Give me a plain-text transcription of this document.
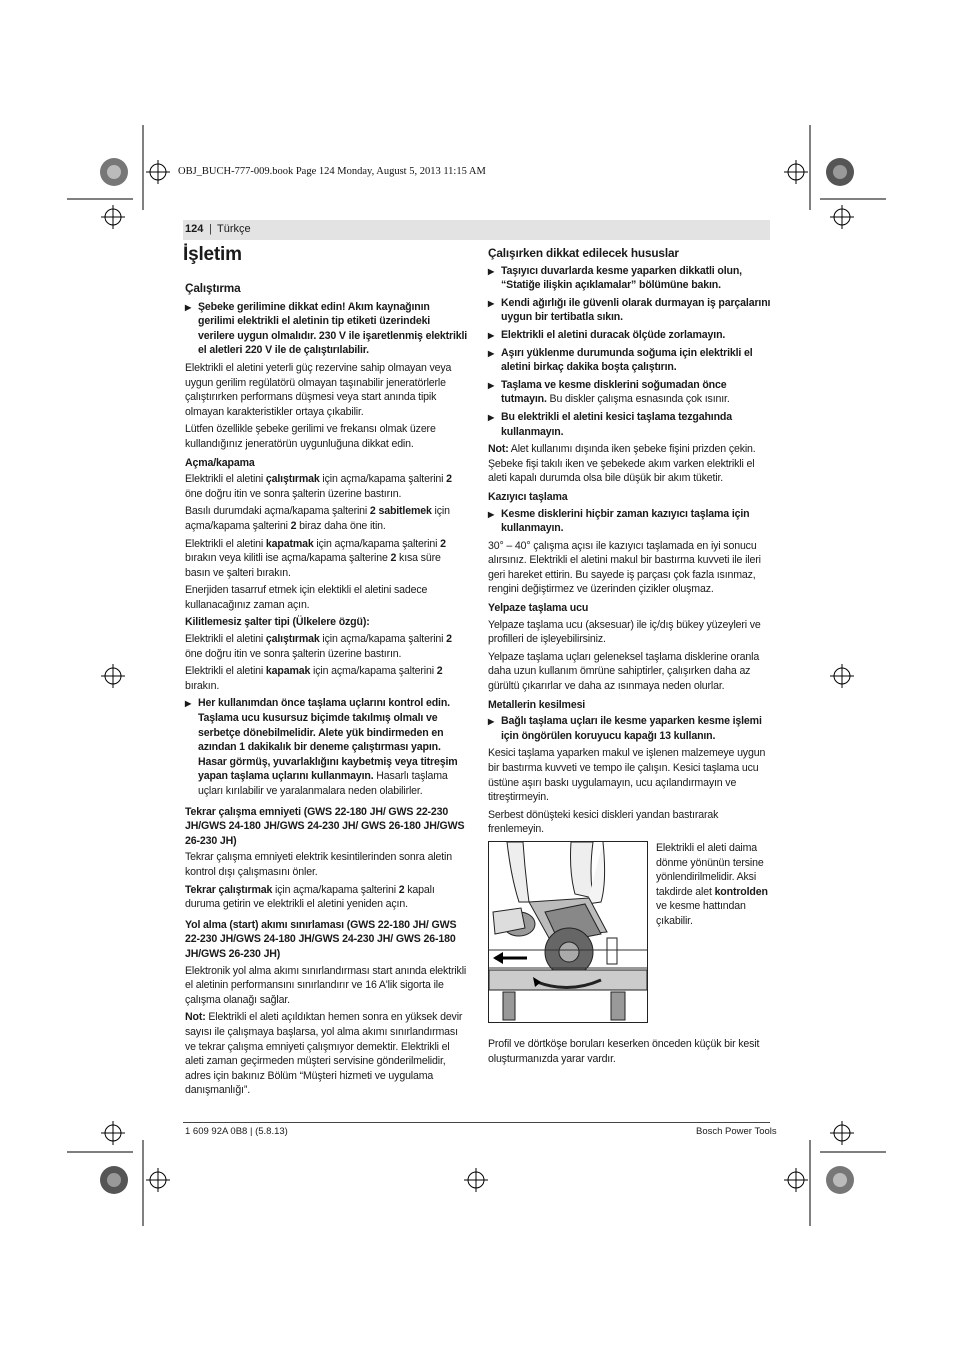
OBJ_BUCH-777-009.book Page 124 Monday, August 5, 2013 11:15 AM
124 | Türkçe
İşletim
Çalıştırma
▶ Şebeke gerilimine dikkat edin! Akım kaynağının gerilimi elektrikli el aletinin tip etiketi üzerindeki verilere uygun olmalıdır. 230 V ile işaretlenmiş elektrikli el aletleri 220 V ile de çalıştırılabilir.

Elektrikli el aletini yeterli güç rezervine sahip olmayan veya uygun gerilim regülatörü olmayan taşınabilir jeneratörlerle çalıştırırken performans düşmesi veya start anında tipik olmayan karakteristikler ortaya çıkabilir.

Lütfen özellikle şebeke gerilimi ve frekansı olmak üzere kullandığınız jeneratörün uygunluğuna dikkat edin.

Açma/kapama

Elektrikli el aletini çalıştırmak için açma/kapama şalterini 2 öne doğru itin ve sonra şalterin üzerine bastırın.

Basılı durumdaki açma/kapama şalterini 2 sabitlemek için açma/kapama şalterini 2 biraz daha öne itin.

Elektrikli el aletini kapatmak için açma/kapama şalterini 2 bırakın veya kilitli ise açma/kapama şalterine 2 kısa süre basın ve şalteri bırakın.

Enerjiden tasarruf etmek için elektikli el aletini sadece kullanacağınız zaman açın.

Kilitlemesiz şalter tipi (Ülkelere özgü):

Elektrikli el aletini çalıştırmak için açma/kapama şalterini 2 öne doğru itin ve sonra şalterin üzerine bastırın.

Elektrikli el aletini kapamak için açma/kapama şalterini 2 bırakın.

▶ Her kullanımdan önce taşlama uçlarını kontrol edin. Taşlama ucu kusursuz biçimde takılmış olmalı ve serbetçe dönebilmelidir. Alete yük bindirmeden en azından 1 dakikalık bir deneme çalıştırması yapın. Hasar görmüş, yuvarlaklığını kaybetmiş veya titreşim yapan taşlama uçlarını kullanmayın. Hasarlı taşlama uçları kırılabilir ve yaralanmalara neden olabilirler.
Tekrar çalışma emniyeti (GWS 22-180 JH/ GWS 22-230 JH/GWS 24-180 JH/GWS 24-230 JH/ GWS 26-180 JH/GWS 26-230 JH)

Tekrar çalışma emniyeti elektrik kesintilerinden sonra aletin kontrol dışı çalışmasını önler.

Tekrar çalıştırmak için açma/kapama şalterini 2 kapalı duruma getirin ve elektrikli el aletini yeniden açın.

Yol alma (start) akımı sınırlaması (GWS 22-180 JH/ GWS 22-230 JH/GWS 24-180 JH/GWS 24-230 JH/ GWS 26-180 JH/GWS 26-230 JH)

Elektronik yol alma akımı sınırlandırması start anında elektrikli el aletinin performansını sınırlandırır ve 16 A'lik sigorta ile çalışma olanağı sağlar.

Not: Elektrikli el aleti açıldıktan hemen sonra en yüksek devir sayısı ile çalışmaya başlarsa, yol alma akımı sınırlandırması ve tekrar çalışma emniyeti çalışmıyor demektir. Elektrikli el aleti zaman geçirmeden müşteri servisine gönderilmelidir, adres için bakınız Bölüm “Müşteri hizmeti ve uygulama danışmanlığı”.

Çalışırken dikkat edilecek hususlar
▶ Taşıyıcı duvarlarda kesme yaparken dikkatli olun, “Statiğe ilişkin açıklamalar” bölümüne bakın.
▶ Kendi ağırlığı ile güvenli olarak durmayan iş parçalarını uygun bir tertibatla sıkın.
▶ Elektrikli el aletini duracak ölçüde zorlamayın.
▶ Aşırı yüklenme durumunda soğuma için elektrikli el aletini birkaç dakika boşta çalıştırın.
▶ Taşlama ve kesme disklerini soğumadan önce tutmayın. Bu diskler çalışma esnasında çok ısınır.
▶ Bu elektrikli el aletini kesici taşlama tezgahında kullanmayın.

Not: Alet kullanımı dışında iken şebeke fişini prizden çekin. Şebeke fişi takılı iken ve şebekede akım varken elektrikli el aleti kapalı durumda olsa bile düşük bir akım tüketir.

Kazıyıcı taşlama
▶ Kesme disklerini hiçbir zaman kazıyıcı taşlama için kullanmayın.

30° – 40° çalışma açısı ile kazıyıcı taşlamada en iyi sonucu alırsınız. Elektrikli el aletini makul bir bastırma kuvveti ile ileri geri hareket ettirin. Bu sayede iş parçası çok fazla ısınmaz, rengini değiştirmez ve üzerinden çizikler oluşmaz.

Yelpaze taşlama ucu

Yelpaze taşlama ucu (aksesuar) ile iç/dış bükey yüzeyleri ve profilleri de işleyebilirsiniz.

Yelpaze taşlama uçları geleneksel taşlama disklerine oranla daha uzun kullanım ömrüne sahiptirler, çalışırken daha az gürültü çıkarırlar ve daha az ısınmaya neden olurlar.

Metallerin kesilmesi
▶ Bağlı taşlama uçları ile kesme yaparken kesme işlemi için öngörülen koruyucu kapağı 13 kullanın.

Kesici taşlama yaparken makul ve işlenen malzemeye uygun bir bastırma kuvveti ve tempo ile çalışın. Kesici taşlama ucu üstüne aşırı baskı uygulamayın, ucu açılandırmayın ve titreştirmeyin.

Serbest dönüşteki kesici diskleri yandan bastırarak frenlemeyin.

Elektrikli el aleti daima dönme yönünün tersine yönlendirilmelidir. Aksi takdirde alet kontrolden ve kesme hattından çıkabilir.

Profil ve dörtköşe boruları keserken önceden küçük bir kesit oluşturmanızda yarar vardır.

1 609 92A 0B8 | (5.8.13)	Bosch Power Tools
